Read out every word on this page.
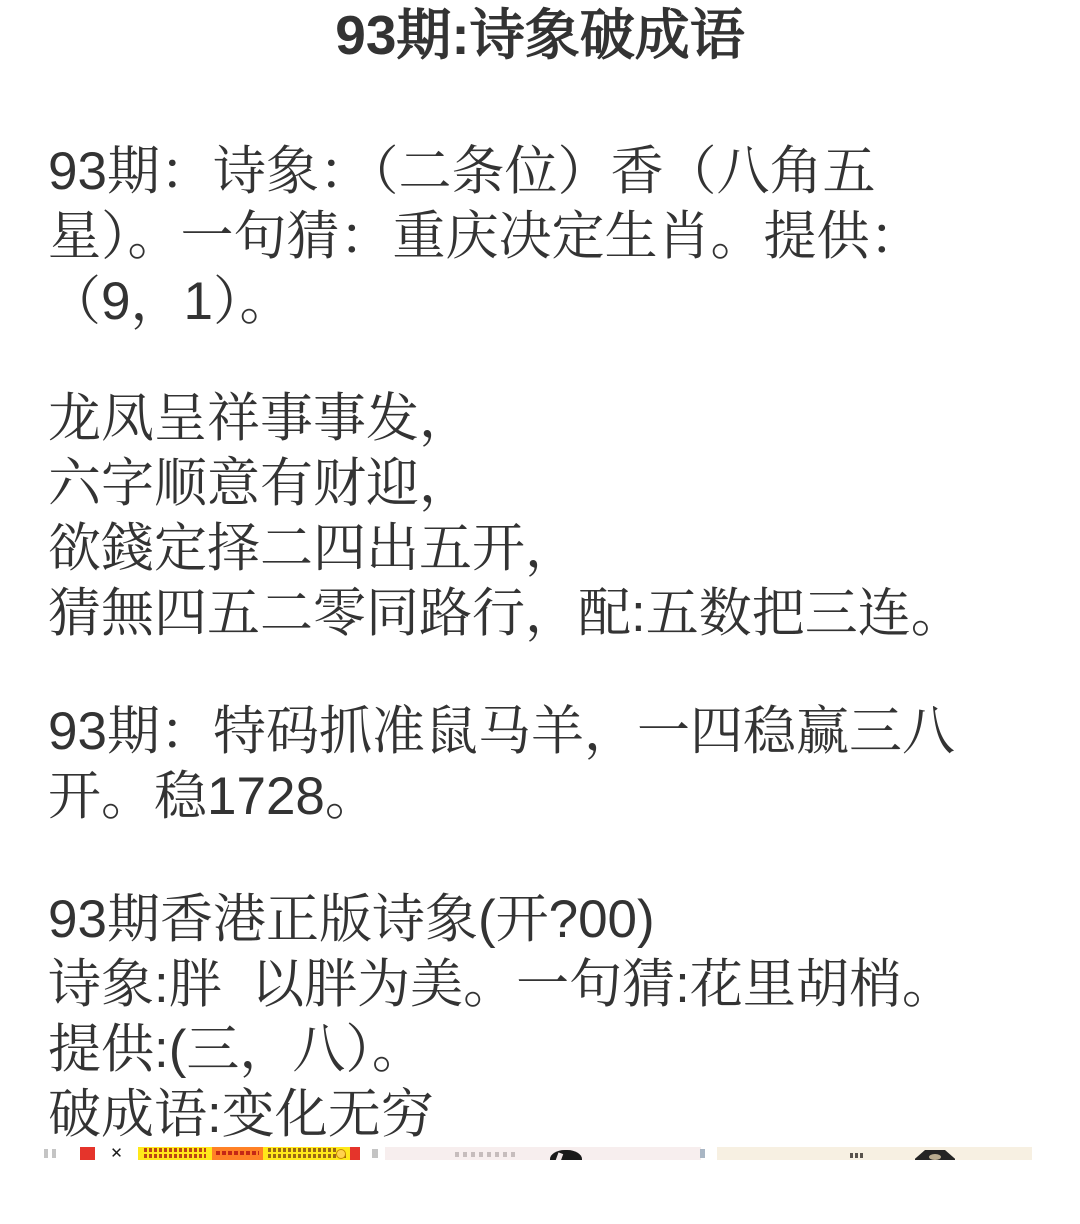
93期:诗象破成语

93期：诗象：（二条位）香（八角五
星）。一句猜：重庆决定生肖。提供：
（9，1）。

龙凤呈祥事事发，
六字顺意有财迎，
欲錢定择二四出五开，
猜無四五二零同路行，配:五数把三连。

93期：特码抓准鼠马羊，一四稳赢三八
开。稳1728。

93期香港正版诗象(开?00)
诗象:胖  以胖为美。一句猜:花里胡梢。
提供:(三，八）。
破成语:变化无穷

✕
